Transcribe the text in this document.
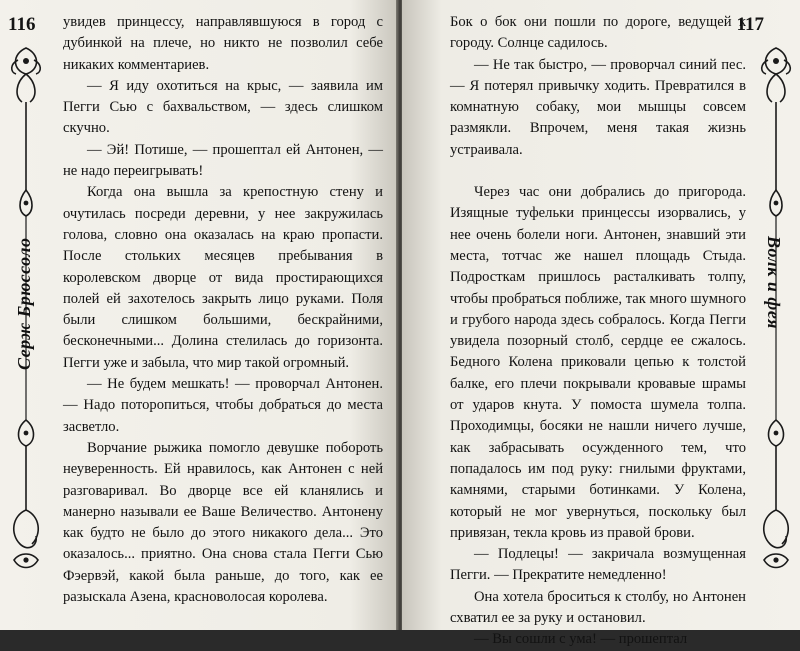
116
Серж Брюссоло

увидев принцессу, направлявшуюся в город с дубинкой на плече, но никто не позволил себе никаких комментариев.

— Я иду охотиться на крыс, — заявила им Пегги Сью с бахвальством, — здесь слишком скучно.

— Эй! Потише, — прошептал ей Антонен, — не надо переигрывать!

Когда она вышла за крепостную стену и очутилась посреди деревни, у нее закружилась голова, словно она оказалась на краю пропасти. После стольких месяцев пребывания в королевском дворце от вида простирающихся полей ей захотелось закрыть лицо руками. Поля были слишком большими, бескрайними, бесконечными... Долина стелилась до горизонта. Пегги уже и забыла, что мир такой огромный.

— Не будем мешкать! — проворчал Антонен. — Надо поторопиться, чтобы добраться до места засветло.

Ворчание рыжика помогло девушке побороть неуверенность. Ей нравилось, как Антонен с ней разговаривал. Во дворце все ей кланялись и манерно называли ее Ваше Величество. Антонену как будто не было до этого никакого дела... Это оказалось... приятно. Она снова стала Пегги Сью Фэервэй, какой была раньше, до того, как ее разыскала Азена, красноволосая королева.

117

Бок о бок они пошли по дороге, ведущей к городу. Солнце садилось.

— Не так быстро, — проворчал синий пес. — Я потерял привычку ходить. Превратился в комнатную собаку, мои мышцы совсем размякли. Впрочем, меня такая жизнь устраивала.

Через час они добрались до пригорода. Изящные туфельки принцессы изорвались, у нее очень болели ноги. Антонен, знавший эти места, тотчас же нашел площадь Стыда. Подросткам пришлось расталкивать толпу, чтобы пробраться поближе, так много шумного и грубого народа здесь собралось. Когда Пегги увидела позорный столб, сердце ее сжалось. Бедного Колена приковали цепью к толстой балке, его плечи покрывали кровавые шрамы от ударов кнута. У помоста шумела толпа. Проходимцы, босяки не нашли ничего лучше, как забрасывать осужденного тем, что попадалось им под руку: гнилыми фруктами, камнями, старыми ботинками. У Колена, который не мог увернуться, поскольку был привязан, текла кровь из правой брови.

— Подлецы! — закричала возмущенная Пегги. — Прекратите немедленно!

Она хотела броситься к столбу, но Антонен схватил ее за руку и остановил.

— Вы сошли с ума! — прошептал

Волк и фея
